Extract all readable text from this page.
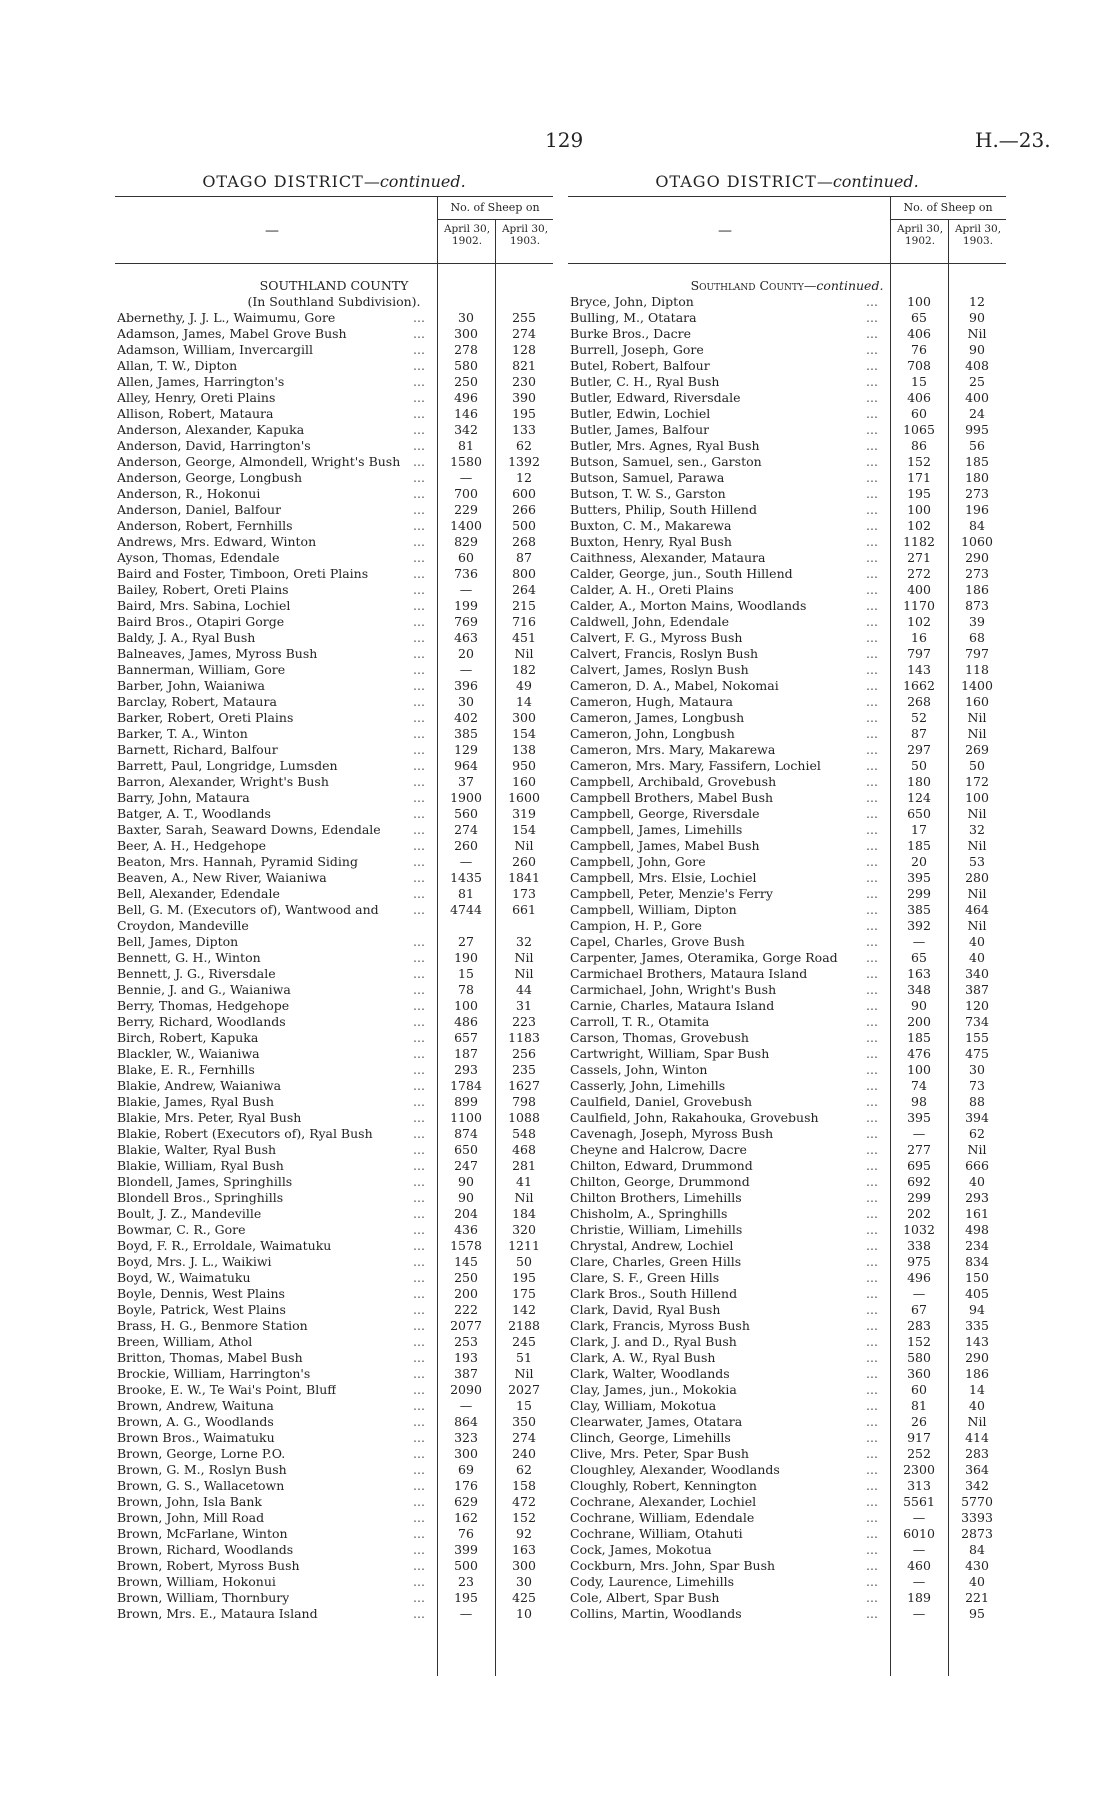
129	H.—23.
OTAGO DISTRICT—continued.
—
No. of Sheep on
April 30, 1902.
April 30, 1903.
SOUTHLAND COUNTY
(In Southland Subdivision).
Abernethy, J. J. L., Waimumu, Gore	30	255
...
Adamson, James, Mabel Grove Bush	300	274
...
Adamson, William, Invercargill	278	128
...
Allan, T. W., Dipton	580	821
...
Allen, James, Harrington's	250	230
...
Alley, Henry, Oreti Plains	496	390
...
Allison, Robert, Mataura	146	195
...
Anderson, Alexander, Kapuka	342	133
...
Anderson, David, Harrington's	81	62
...
Anderson, George, Almondell, Wright's Bush	1580	1392
...
Anderson, George, Longbush	—	12
...
Anderson, R., Hokonui	700	600
...
Anderson, Daniel, Balfour	229	266
...
Anderson, Robert, Fernhills	1400	500
...
Andrews, Mrs. Edward, Winton	829	268
...
Ayson, Thomas, Edendale	60	87
...
Baird and Foster, Timboon, Oreti Plains	736	800
...
Bailey, Robert, Oreti Plains	—	264
...
Baird, Mrs. Sabina, Lochiel	199	215
...
Baird Bros., Otapiri Gorge	769	716
...
Baldy, J. A., Ryal Bush	463	451
...
Balneaves, James, Myross Bush	20	Nil
...
Bannerman, William, Gore	—	182
...
Barber, John, Waianiwa	396	49
...
Barclay, Robert, Mataura	30	14
...
Barker, Robert, Oreti Plains	402	300
...
Barker, T. A., Winton	385	154
...
Barnett, Richard, Balfour	129	138
...
Barrett, Paul, Longridge, Lumsden	964	950
...
Barron, Alexander, Wright's Bush	37	160
...
Barry, John, Mataura	1900	1600
...
Batger, A. T., Woodlands	560	319
...
Baxter, Sarah, Seaward Downs, Edendale	274	154
...
Beer, A. H., Hedgehope	260	Nil
...
Beaton, Mrs. Hannah, Pyramid Siding	—	260
...
Beaven, A., New River, Waianiwa	1435	1841
...
Bell, Alexander, Edendale	81	173
...
Bell, G. M. (Executors of), Wantwood and	4744	661
...
Croydon, Mandeville
Bell, James, Dipton	27	32
...
Bennett, G. H., Winton	190	Nil
...
Bennett, J. G., Riversdale	15	Nil
...
Bennie, J. and G., Waianiwa	78	44
...
Berry, Thomas, Hedgehope	100	31
...
Berry, Richard, Woodlands	486	223
...
Birch, Robert, Kapuka	657	1183
...
Blackler, W., Waianiwa	187	256
...
Blake, E. R., Fernhills	293	235
...
Blakie, Andrew, Waianiwa	1784	1627
...
Blakie, James, Ryal Bush	899	798
...
Blakie, Mrs. Peter, Ryal Bush	1100	1088
...
Blakie, Robert (Executors of), Ryal Bush	874	548
...
Blakie, Walter, Ryal Bush	650	468
...
Blakie, William, Ryal Bush	247	281
...
Blondell, James, Springhills	90	41
...
Blondell Bros., Springhills	90	Nil
...
Boult, J. Z., Mandeville	204	184
...
Bowmar, C. R., Gore	436	320
...
Boyd, F. R., Erroldale, Waimatuku	1578	1211
...
Boyd, Mrs. J. L., Waikiwi	145	50
...
Boyd, W., Waimatuku	250	195
...
Boyle, Dennis, West Plains	200	175
...
Boyle, Patrick, West Plains	222	142
...
Brass, H. G., Benmore Station	2077	2188
...
Breen, William, Athol	253	245
...
Britton, Thomas, Mabel Bush	193	51
...
Brockie, William, Harrington's	387	Nil
...
Brooke, E. W., Te Wai's Point, Bluff	2090	2027
...
Brown, Andrew, Waituna	—	15
...
Brown, A. G., Woodlands	864	350
...
Brown Bros., Waimatuku	323	274
...
Brown, George, Lorne P.O.	300	240
...
Brown, G. M., Roslyn Bush	69	62
...
Brown, G. S., Wallacetown	176	158
...
Brown, John, Isla Bank	629	472
...
Brown, John, Mill Road	162	152
...
Brown, McFarlane, Winton	76	92
...
Brown, Richard, Woodlands	399	163
...
Brown, Robert, Myross Bush	500	300
...
Brown, William, Hokonui	23	30
...
Brown, William, Thornbury	195	425
...
Brown, Mrs. E., Mataura Island	—	10
...
OTAGO DISTRICT—continued.
—
No. of Sheep on
April 30, 1902.
April 30, 1903.
Southland County—continued.
Bryce, John, Dipton	100	12
...
Bulling, M., Otatara	65	90
...
Burke Bros., Dacre	406	Nil
...
Burrell, Joseph, Gore	76	90
...
Butel, Robert, Balfour	708	408
...
Butler, C. H., Ryal Bush	15	25
...
Butler, Edward, Riversdale	406	400
...
Butler, Edwin, Lochiel	60	24
...
Butler, James, Balfour	1065	995
...
Butler, Mrs. Agnes, Ryal Bush	86	56
...
Butson, Samuel, sen., Garston	152	185
...
Butson, Samuel, Parawa	171	180
...
Butson, T. W. S., Garston	195	273
...
Butters, Philip, South Hillend	100	196
...
Buxton, C. M., Makarewa	102	84
...
Buxton, Henry, Ryal Bush	1182	1060
...
Caithness, Alexander, Mataura	271	290
...
Calder, George, jun., South Hillend	272	273
...
Calder, A. H., Oreti Plains	400	186
...
Calder, A., Morton Mains, Woodlands	1170	873
...
Caldwell, John, Edendale	102	39
...
Calvert, F. G., Myross Bush	16	68
...
Calvert, Francis, Roslyn Bush	797	797
...
Calvert, James, Roslyn Bush	143	118
...
Cameron, D. A., Mabel, Nokomai	1662	1400
...
Cameron, Hugh, Mataura	268	160
...
Cameron, James, Longbush	52	Nil
...
Cameron, John, Longbush	87	Nil
...
Cameron, Mrs. Mary, Makarewa	297	269
...
Cameron, Mrs. Mary, Fassifern, Lochiel	50	50
...
Campbell, Archibald, Grovebush	180	172
...
Campbell Brothers, Mabel Bush	124	100
...
Campbell, George, Riversdale	650	Nil
...
Campbell, James, Limehills	17	32
...
Campbell, James, Mabel Bush	185	Nil
...
Campbell, John, Gore	20	53
...
Campbell, Mrs. Elsie, Lochiel	395	280
...
Campbell, Peter, Menzie's Ferry	299	Nil
...
Campbell, William, Dipton	385	464
...
Campion, H. P., Gore	392	Nil
...
Capel, Charles, Grove Bush	—	40
...
Carpenter, James, Oteramika, Gorge Road	65	40
...
Carmichael Brothers, Mataura Island	163	340
...
Carmichael, John, Wright's Bush	348	387
...
Carnie, Charles, Mataura Island	90	120
...
Carroll, T. R., Otamita	200	734
...
Carson, Thomas, Grovebush	185	155
...
Cartwright, William, Spar Bush	476	475
...
Cassels, John, Winton	100	30
...
Casserly, John, Limehills	74	73
...
Caulfield, Daniel, Grovebush	98	88
...
Caulfield, John, Rakahouka, Grovebush	395	394
...
Cavenagh, Joseph, Myross Bush	—	62
...
Cheyne and Halcrow, Dacre	277	Nil
...
Chilton, Edward, Drummond	695	666
...
Chilton, George, Drummond	692	40
...
Chilton Brothers, Limehills	299	293
...
Chisholm, A., Springhills	202	161
...
Christie, William, Limehills	1032	498
...
Chrystal, Andrew, Lochiel	338	234
...
Clare, Charles, Green Hills	975	834
...
Clare, S. F., Green Hills	496	150
...
Clark Bros., South Hillend	—	405
...
Clark, David, Ryal Bush	67	94
...
Clark, Francis, Myross Bush	283	335
...
Clark, J. and D., Ryal Bush	152	143
...
Clark, A. W., Ryal Bush	580	290
...
Clark, Walter, Woodlands	360	186
...
Clay, James, jun., Mokokia	60	14
...
Clay, William, Mokotua	81	40
...
Clearwater, James, Otatara	26	Nil
...
Clinch, George, Limehills	917	414
...
Clive, Mrs. Peter, Spar Bush	252	283
...
Cloughley, Alexander, Woodlands	2300	364
...
Cloughly, Robert, Kennington	313	342
...
Cochrane, Alexander, Lochiel	5561	5770
...
Cochrane, William, Edendale	—	3393
...
Cochrane, William, Otahuti	6010	2873
...
Cock, James, Mokotua	—	84
...
Cockburn, Mrs. John, Spar Bush	460	430
...
Cody, Laurence, Limehills	—	40
...
Cole, Albert, Spar Bush	189	221
...
Collins, Martin, Woodlands	—	95
...
